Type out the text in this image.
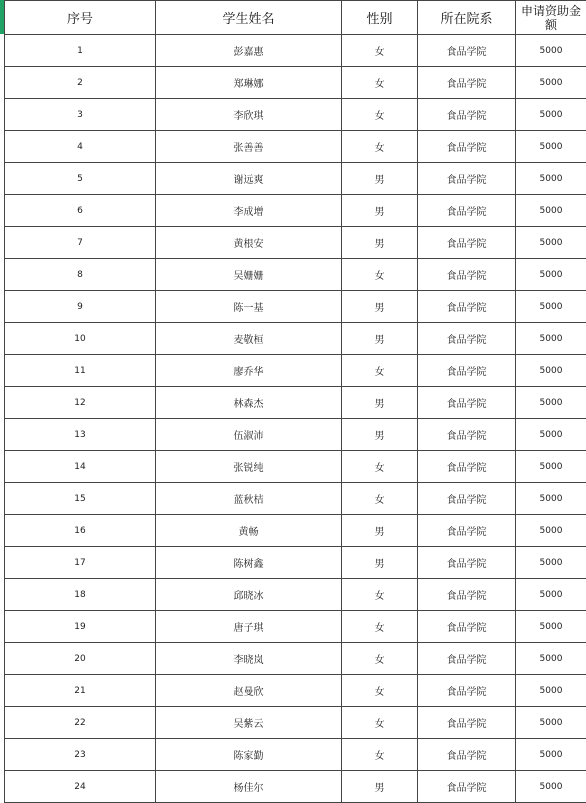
序号	学生姓名	性别	所在院系	申请资助金额
1	彭嘉惠	女	食品学院	5000
2	郑琳娜	女	食品学院	5000
3	李欣琪	女	食品学院	5000
4	张善善	女	食品学院	5000
5	谢远爽	男	食品学院	5000
6	李成增	男	食品学院	5000
7	黄根安	男	食品学院	5000
8	吴姗姗	女	食品学院	5000
9	陈一基	男	食品学院	5000
10	麦敬桓	男	食品学院	5000
11	廖乔华	女	食品学院	5000
12	林森杰	男	食品学院	5000
13	伍淑沛	男	食品学院	5000
14	张锐纯	女	食品学院	5000
15	蓝秋桔	女	食品学院	5000
16	黄畅	男	食品学院	5000
17	陈树鑫	男	食品学院	5000
18	邱晓冰	女	食品学院	5000
19	唐子琪	女	食品学院	5000
20	李晓岚	女	食品学院	5000
21	赵曼欣	女	食品学院	5000
22	吴紫云	女	食品学院	5000
23	陈家勤	女	食品学院	5000
24	杨佳尔	男	食品学院	5000
